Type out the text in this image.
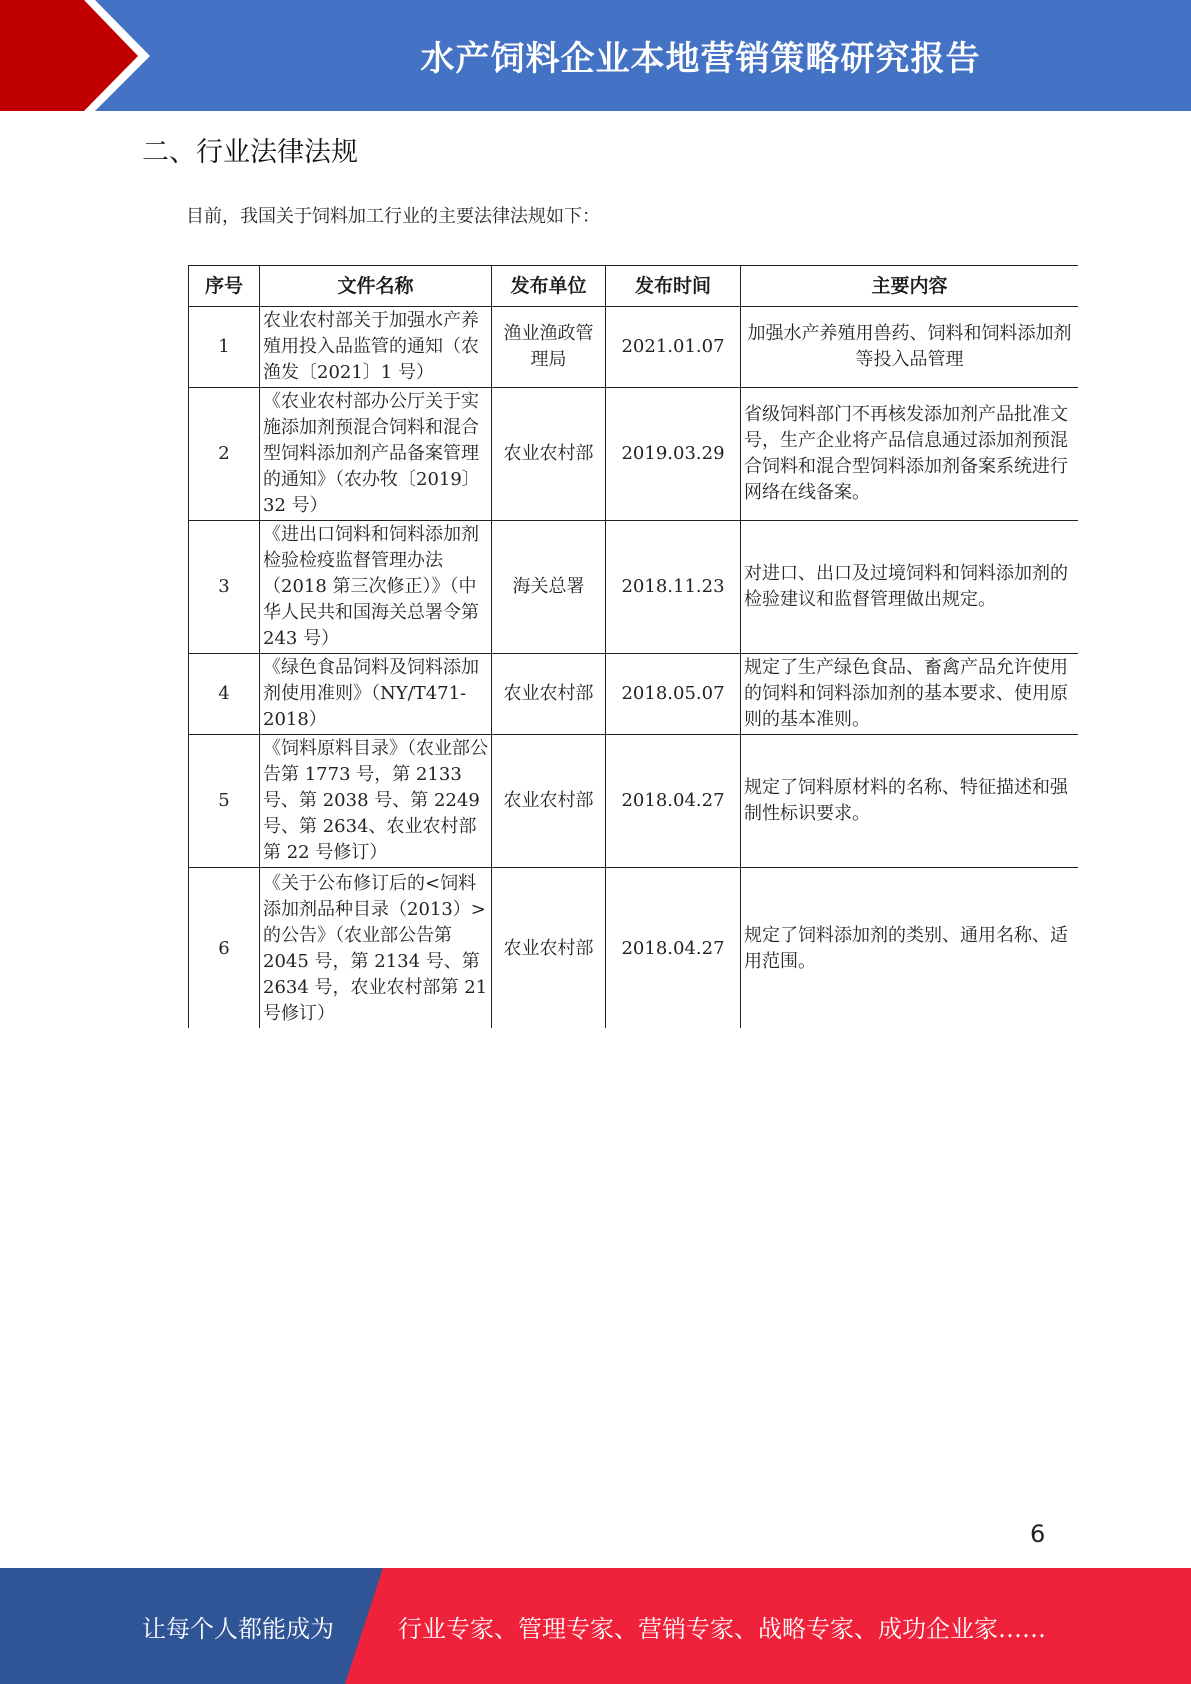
水产饲料企业本地营销策略研究报告
二、行业法律法规
目前，我国关于饲料加工行业的主要法律法规如下：
序号	文件名称	发布单位	发布时间	主要内容
1	农业农村部关于加强水产养殖用投入品监管的通知（农渔发〔2021〕1 号）	渔业渔政管理局	2021.01.07	加强水产养殖用兽药、饲料和饲料添加剂等投入品管理
2	《农业农村部办公厅关于实施添加剂预混合饲料和混合型饲料添加剂产品备案管理的通知》（农办牧〔2019〕32 号）	农业农村部	2019.03.29	省级饲料部门不再核发添加剂产品批准文号，生产企业将产品信息通过添加剂预混合饲料和混合型饲料添加剂备案系统进行网络在线备案。
3	《进出口饲料和饲料添加剂检验检疫监督管理办法（2018 第三次修正）》（中华人民共和国海关总署令第 243 号）	海关总署	2018.11.23	对进口、出口及过境饲料和饲料添加剂的检验建议和监督管理做出规定。
4	《绿色食品饲料及饲料添加剂使用准则》（NY/T471-2018）	农业农村部	2018.05.07	规定了生产绿色食品、畜禽产品允许使用的饲料和饲料添加剂的基本要求、使用原则的基本准则。
5	《饲料原料目录》（农业部公告第 1773 号，第 2133 号、第 2038 号、第 2249 号、第 2634、农业农村部第 22 号修订）	农业农村部	2018.04.27	规定了饲料原材料的名称、特征描述和强制性标识要求。
6	《关于公布修订后的<饲料添加剂品种目录（2013）>的公告》（农业部公告第 2045 号，第 2134 号、第 2634 号，农业农村部第 21 号修订）	农业农村部	2018.04.27	规定了饲料添加剂的类别、通用名称、适用范围。

6
让每个人都能成为	行业专家、管理专家、营销专家、战略专家、成功企业家……
